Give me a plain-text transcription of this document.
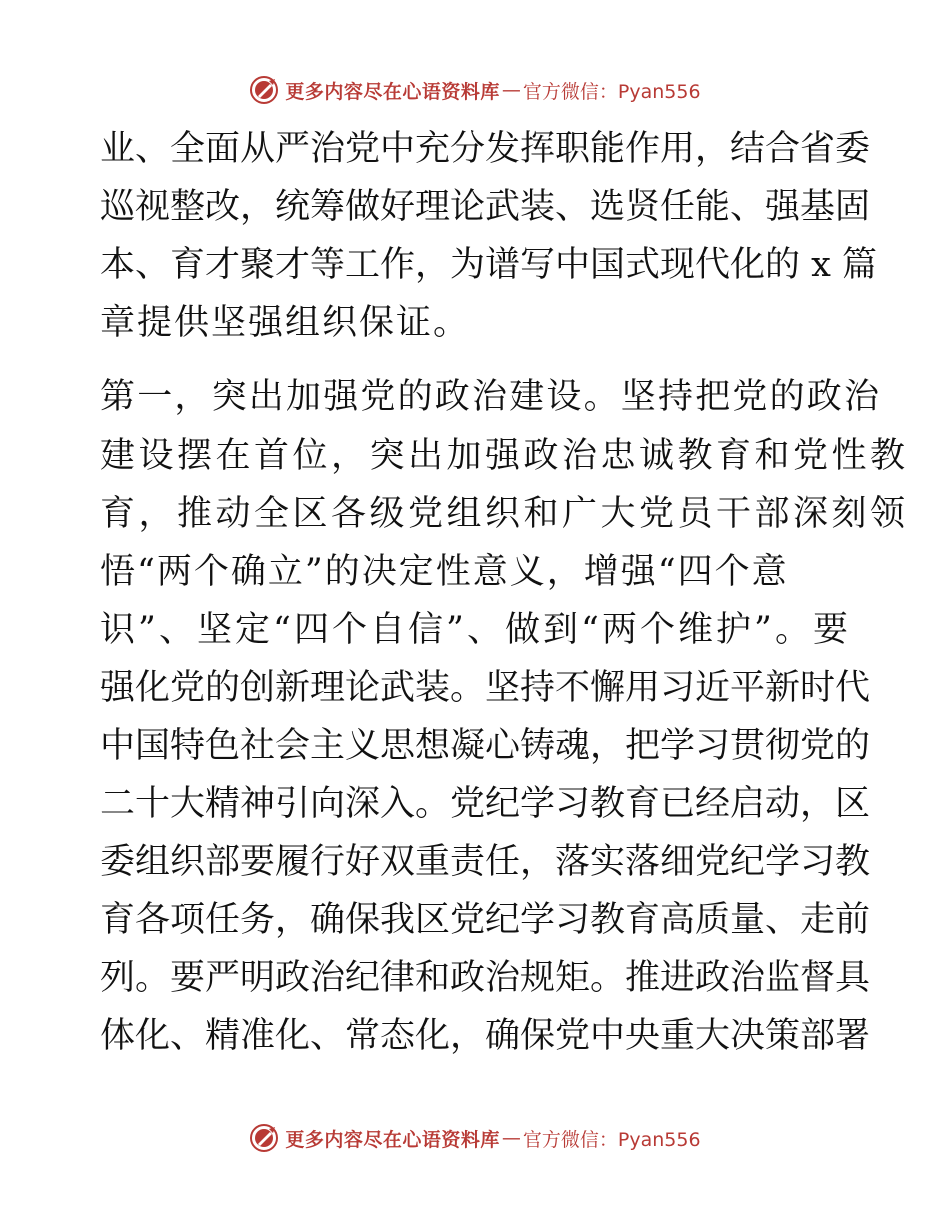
更多内容尽在心语资料库 — 官方微信：Pyan556
业、全面从严治党中充分发挥职能作用，结合省委
巡视整改，统筹做好理论武装、选贤任能、强基固
本、育才聚才等工作，为谱写中国式现代化的 x 篇
章提供坚强组织保证。
第一，突出加强党的政治建设。坚持把党的政治
建设摆在首位，突出加强政治忠诚教育和党性教
育，推动全区各级党组织和广大党员干部深刻领
悟“两个确立”的决定性意义，增强“四个意
识”、坚定“四个自信”、做到“两个维护”。要
强化党的创新理论武装。坚持不懈用习近平新时代
中国特色社会主义思想凝心铸魂，把学习贯彻党的
二十大精神引向深入。党纪学习教育已经启动，区
委组织部要履行好双重责任，落实落细党纪学习教
育各项任务，确保我区党纪学习教育高质量、走前
列。要严明政治纪律和政治规矩。推进政治监督具
体化、精准化、常态化，确保党中央重大决策部署
更多内容尽在心语资料库 — 官方微信：Pyan556
